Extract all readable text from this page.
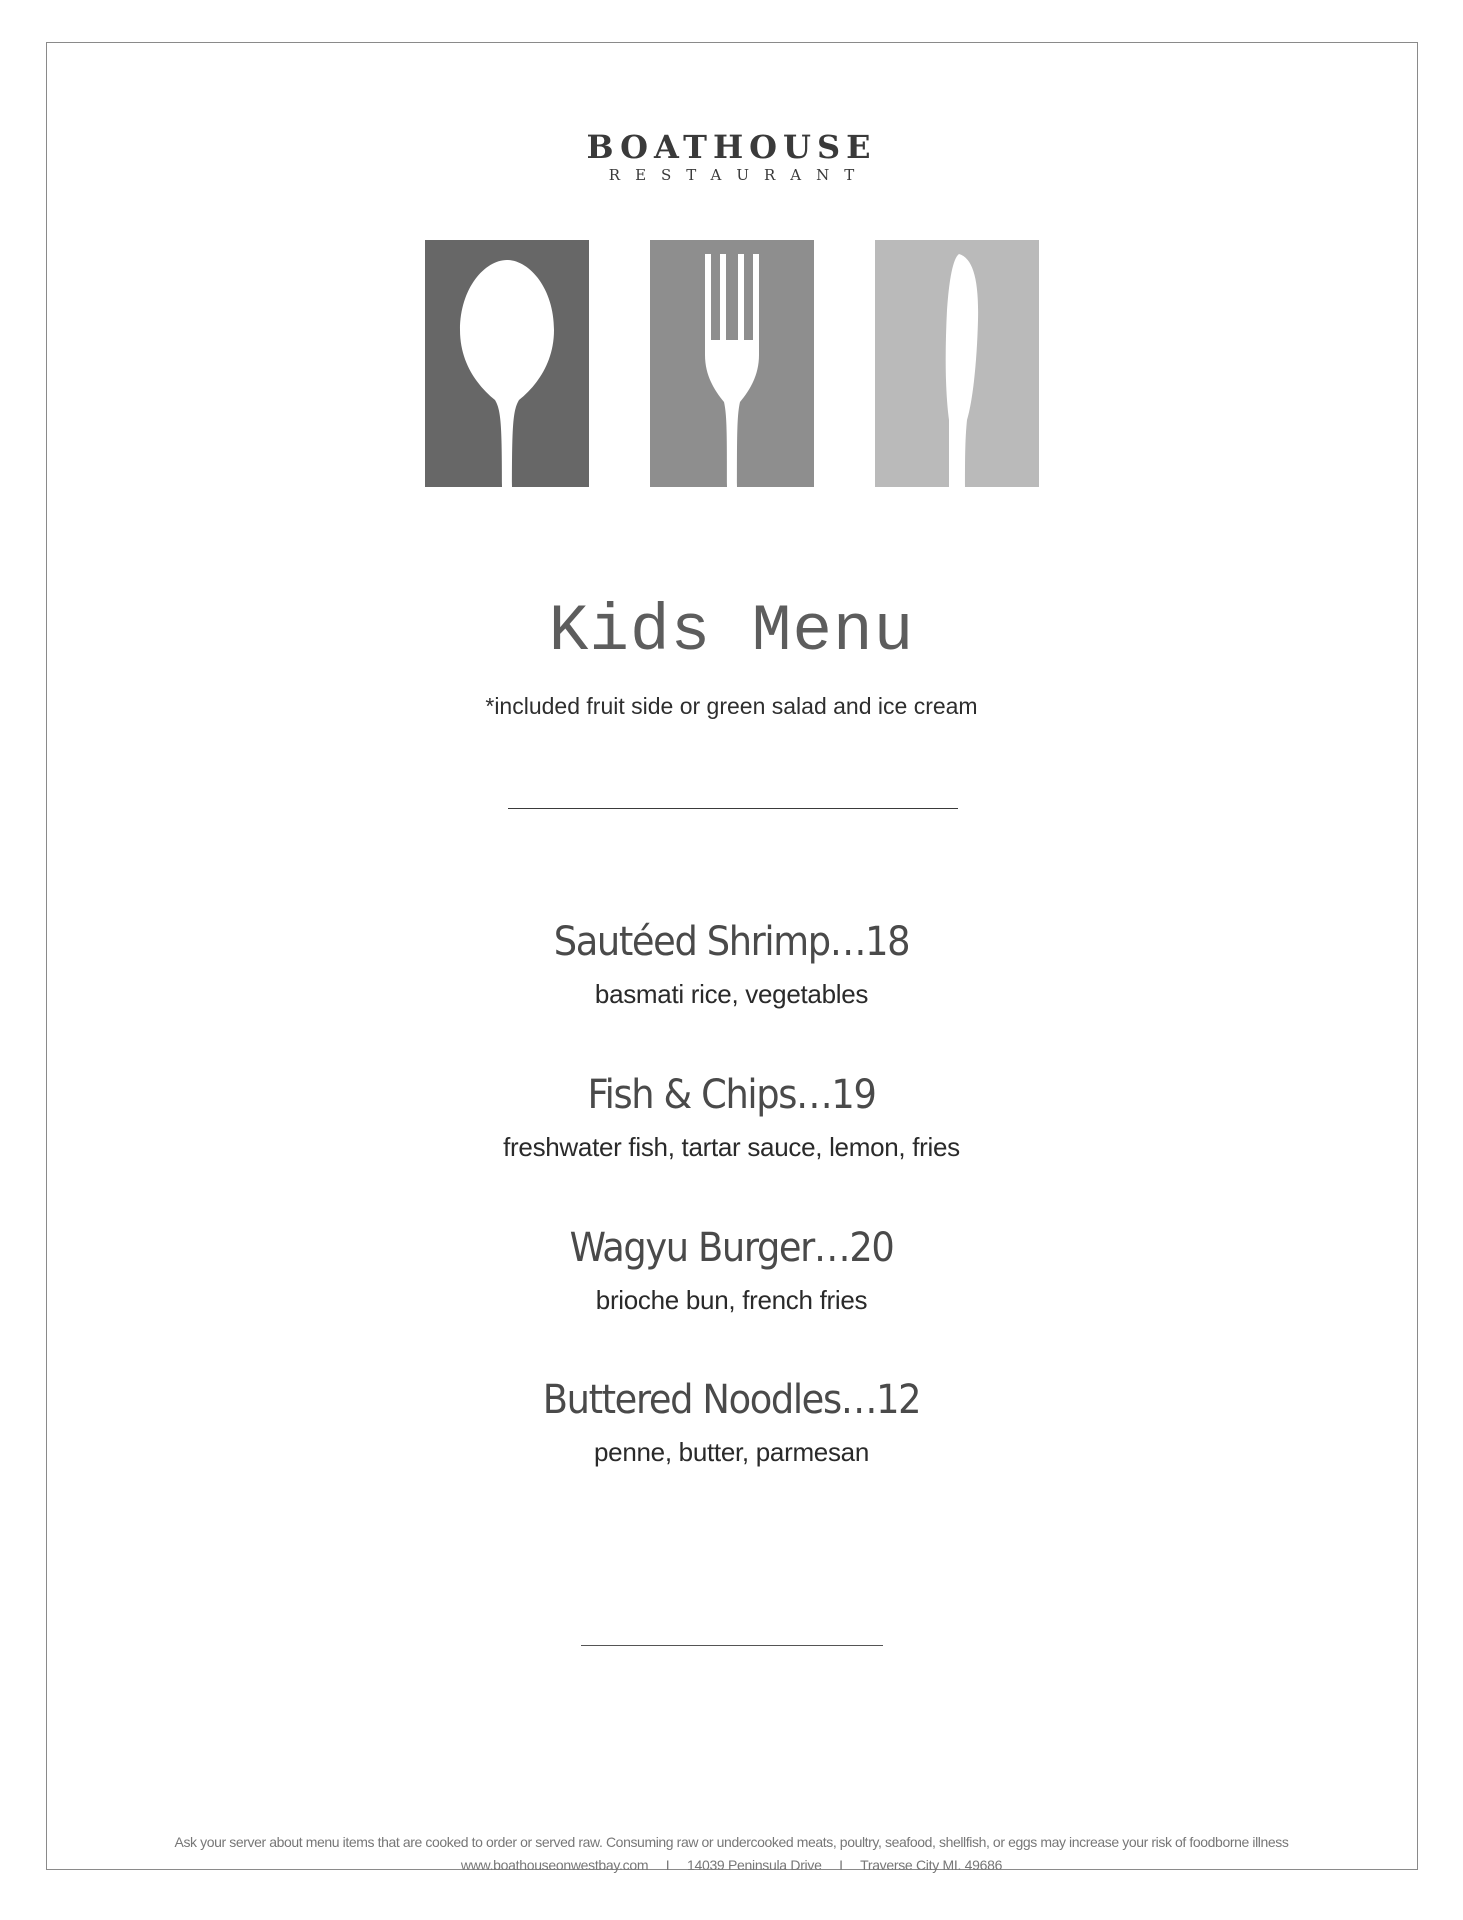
BOATHOUSE
RESTAURANT
Kids Menu
*included fruit side or green salad and ice cream
Sautéed Shrimp…18
basmati rice, vegetables
Fish & Chips…19
freshwater fish, tartar sauce, lemon, fries
Wagyu Burger…20
brioche bun, french fries
Buttered Noodles…12
penne, butter, parmesan
Ask your server about menu items that are cooked to order or served raw. Consuming raw or undercooked meats, poultry, seafood, shellfish, or eggs may increase your risk of foodborne illness
www.boathouseonwestbay.com I 14039 Peninsula Drive I Traverse City MI. 49686
